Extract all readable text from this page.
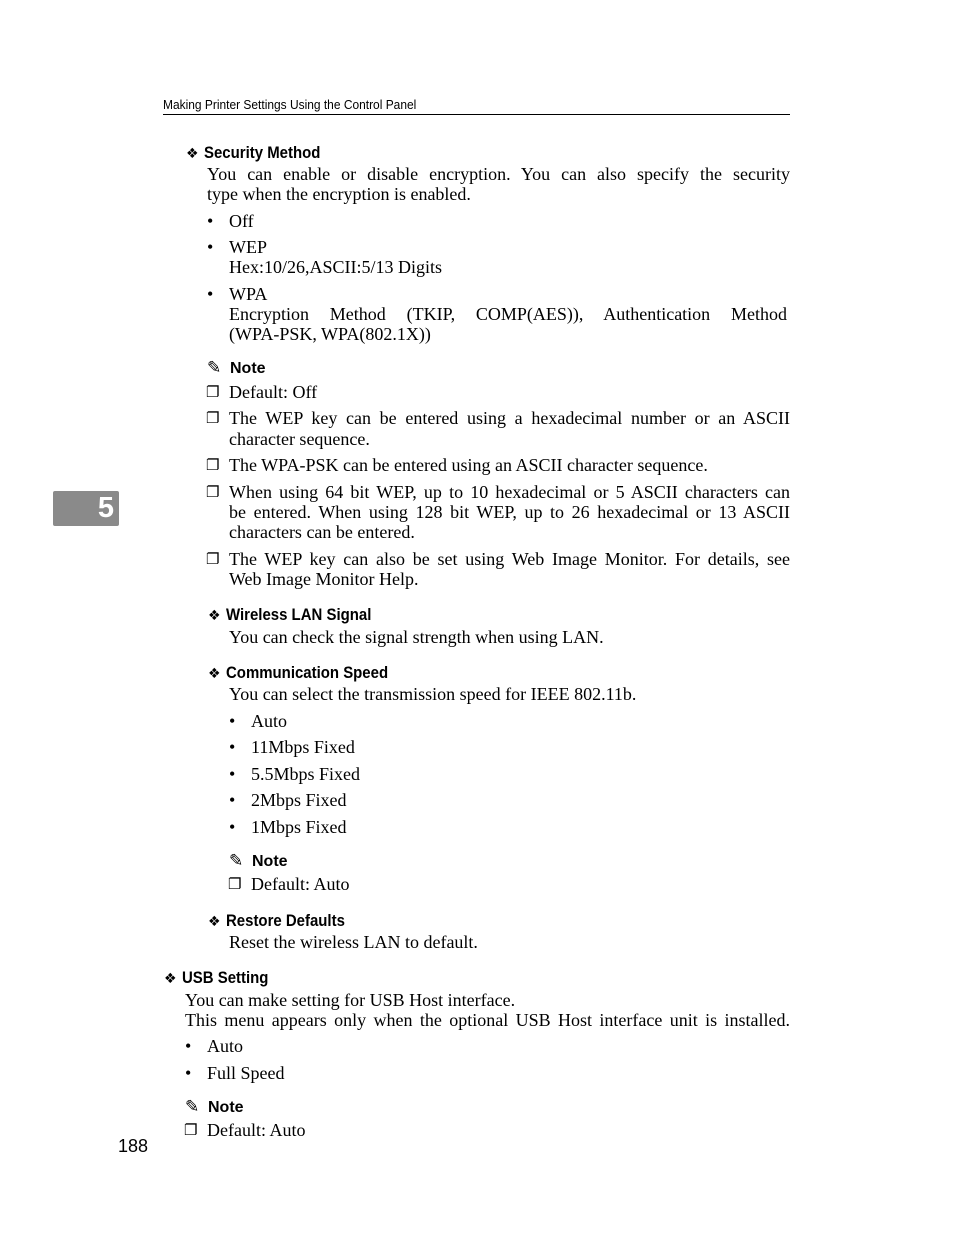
Making Printer Settings Using the Control Panel
5
❖ Security Method
You can enable or disable encryption. You can also specify the security
type when the encryption is enabled.
• Off
• WEP
Hex:10/26,ASCII:5/13 Digits
• WPA
Encryption Method (TKIP, COMP(AES)), Authentication Method
(WPA-PSK, WPA(802.1X))
✎ Note
❐ Default: Off
❐ The WEP key can be entered using a hexadecimal number or an ASCII
character sequence.
❐ The WPA-PSK can be entered using an ASCII character sequence.
❐ When using 64 bit WEP, up to 10 hexadecimal or 5 ASCII characters can
be entered. When using 128 bit WEP, up to 26 hexadecimal or 13 ASCII
characters can be entered.
❐ The WEP key can also be set using Web Image Monitor. For details, see
Web Image Monitor Help.
❖ Wireless LAN Signal
You can check the signal strength when using LAN.
❖ Communication Speed
You can select the transmission speed for IEEE 802.11b.
• Auto
• 11Mbps Fixed
• 5.5Mbps Fixed
• 2Mbps Fixed
• 1Mbps Fixed
✎ Note
❐ Default: Auto
❖ Restore Defaults
Reset the wireless LAN to default.
❖ USB Setting
You can make setting for USB Host interface.
This menu appears only when the optional USB Host interface unit is installed.
• Auto
• Full Speed
✎ Note
❐ Default: Auto
188
